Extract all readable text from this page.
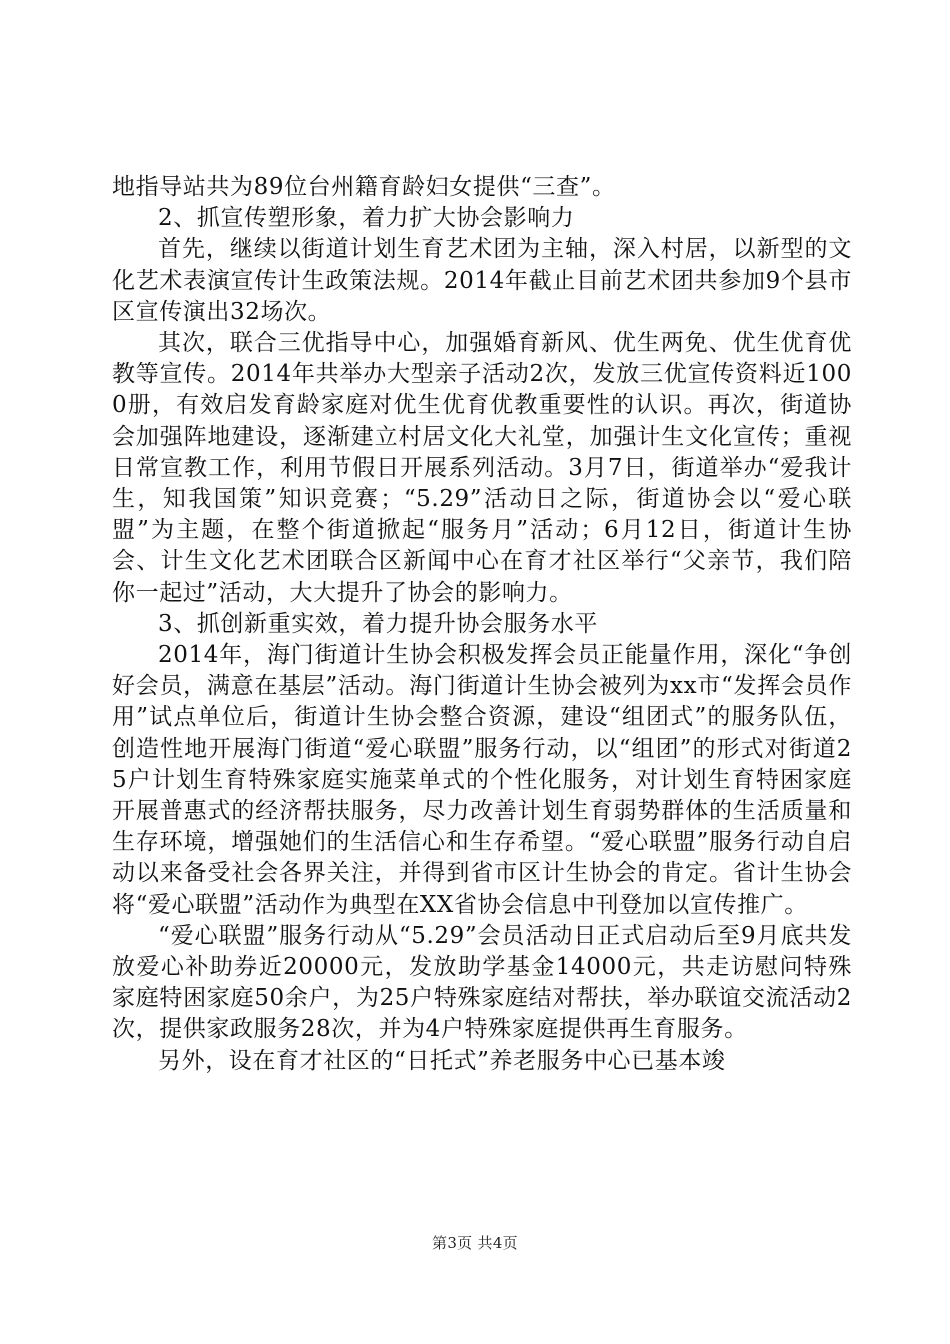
地指导站共为89位台州籍育龄妇女提供“三查”。

2、抓宣传塑形象，着力扩大协会影响力

首先，继续以街道计划生育艺术团为主轴，深入村居，以新型的文化艺术表演宣传计生政策法规。2014年截止目前艺术团共参加9个县市区宣传演出32场次。

其次，联合三优指导中心，加强婚育新风、优生两免、优生优育优教等宣传。2014年共举办大型亲子活动2次，发放三优宣传资料近1000册，有效启发育龄家庭对优生优育优教重要性的认识。再次，街道协会加强阵地建设，逐渐建立村居文化大礼堂，加强计生文化宣传；重视日常宣教工作，利用节假日开展系列活动。3月7日，街道举办“爱我计生，知我国策”知识竞赛；“5.29”活动日之际，街道协会以“爱心联盟”为主题，在整个街道掀起“服务月”活动；6月12日，街道计生协会、计生文化艺术团联合区新闻中心在育才社区举行“父亲节，我们陪你一起过”活动，大大提升了协会的影响力。

3、抓创新重实效，着力提升协会服务水平

2014年，海门街道计生协会积极发挥会员正能量作用，深化“争创好会员，满意在基层”活动。海门街道计生协会被列为xx市“发挥会员作用”试点单位后，街道计生协会整合资源，建设“组团式”的服务队伍，创造性地开展海门街道“爱心联盟”服务行动，以“组团”的形式对街道25户计划生育特殊家庭实施菜单式的个性化服务，对计划生育特困家庭开展普惠式的经济帮扶服务，尽力改善计划生育弱势群体的生活质量和生存环境，增强她们的生活信心和生存希望。“爱心联盟”服务行动自启动以来备受社会各界关注，并得到省市区计生协会的肯定。省计生协会将“爱心联盟”活动作为典型在XX省协会信息中刊登加以宣传推广。

“爱心联盟”服务行动从“5.29”会员活动日正式启动后至9月底共发放爱心补助券近20000元，发放助学基金14000元，共走访慰问特殊家庭特困家庭50余户，为25户特殊家庭结对帮扶，举办联谊交流活动2次，提供家政服务28次，并为4户特殊家庭提供再生育服务。

另外，设在育才社区的“日托式”养老服务中心已基本竣

第3页 共4页
